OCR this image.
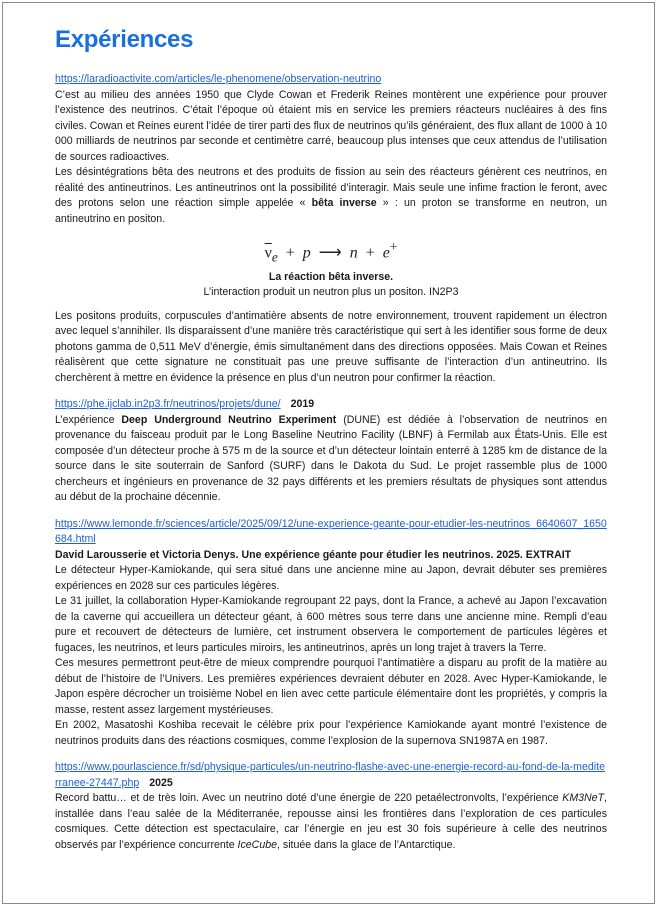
Expériences
https://laradioactivite.com/articles/le-phenomene/observation-neutrino

C’est au milieu des années 1950 que Clyde Cowan et Frederik Reines montèrent une expérience pour prouver l’existence des neutrinos. C’était l’époque où étaient mis en service les premiers réacteurs nucléaires à des fins civiles. Cowan et Reines eurent l’idée de tirer parti des flux de neutrinos qu’ils généraient, des flux allant de 1000 à 10 000 milliards de neutrinos par seconde et centimètre carré, beaucoup plus intenses que ceux attendus de l’utilisation de sources radioactives.

Les désintégrations bêta des neutrons et des produits de fission au sein des réacteurs génèrent ces neutrinos, en réalité des antineutrinos. Les antineutrinos ont la possibilité d’interagir. Mais seule une infime fraction le feront, avec des protons selon une réaction simple appelée « bêta inverse » : un proton se transforme en neutron, un antineutrino en positon.

$\overline{\nu}_e + p$ ⟶ n + e+
La réaction bêta inverse.
L’interaction produit un neutron plus un positon. IN2P3

Les positons produits, corpuscules d’antimatière absents de notre environnement, trouvent rapidement un électron avec lequel s’annihiler. Ils disparaissent d’une manière très caractéristique qui sert à les identifier sous forme de deux photons gamma de 0,511 MeV d’énergie, émis simultanément dans des directions opposées. Mais Cowan et Reines réalisèrent que cette signature ne constituait pas une preuve suffisante de l’interaction d’un antineutrino. Ils cherchèrent à mettre en évidence la présence en plus d’un neutron pour confirmer la réaction.

https://phe.ijclab.in2p3.fr/neutrinos/projets/dune/ 2019

L’expérience Deep Underground Neutrino Experiment (DUNE) est dédiée à l’observation de neutrinos en provenance du faisceau produit par le Long Baseline Neutrino Facility (LBNF) à Fermilab aux États-Unis. Elle est composée d’un détecteur proche à 575 m de la source et d’un détecteur lointain enterré à 1285 km de distance de la source dans le site souterrain de Sanford (SURF) dans le Dakota du Sud. Le projet rassemble plus de 1000 chercheurs et ingénieurs en provenance de 32 pays différents et les premiers résultats de physiques sont attendus au début de la prochaine décennie.

https://www.lemonde.fr/sciences/article/2025/09/12/une-experience-geante-pour-etudier-les-neutrinos_6640607_1650684.html

David Larousserie et Victoria Denys. Une expérience géante pour étudier les neutrinos. 2025. EXTRAIT

Le détecteur Hyper-Kamiokande, qui sera situé dans une ancienne mine au Japon, devrait débuter ses premières expériences en 2028 sur ces particules légères.

Le 31 juillet, la collaboration Hyper-Kamiokande regroupant 22 pays, dont la France, a achevé au Japon l’excavation de la caverne qui accueillera un détecteur géant, à 600 mètres sous terre dans une ancienne mine. Rempli d’eau pure et recouvert de détecteurs de lumière, cet instrument observera le comportement de particules légères et fugaces, les neutrinos, et leurs particules miroirs, les antineutrinos, après un long trajet à travers la Terre.

Ces mesures permettront peut-être de mieux comprendre pourquoi l’antimatière a disparu au profit de la matière au début de l’histoire de l’Univers. Les premières expériences devraient débuter en 2028. Avec Hyper-Kamiokande, le Japon espère décrocher un troisième Nobel en lien avec cette particule élémentaire dont les propriétés, y compris la masse, restent assez largement mystérieuses.

En 2002, Masatoshi Koshiba recevait le célèbre prix pour l’expérience Kamiokande ayant montré l’existence de neutrinos produits dans des réactions cosmiques, comme l’explosion de la supernova SN1987A en 1987.

https://www.pourlascience.fr/sd/physique-particules/un-neutrino-flashe-avec-une-energie-record-au-fond-de-la-mediterranee-27447.php 2025

Record battu… et de très loin. Avec un neutrino doté d’une énergie de 220 petaélectronvolts, l’expérience KM3NeT, installée dans l’eau salée de la Méditerranée, repousse ainsi les frontières dans l’exploration de ces particules cosmiques. Cette détection est spectaculaire, car l’énergie en jeu est 30 fois supérieure à celle des neutrinos observés par l’expérience concurrente IceCube, située dans la glace de l’Antarctique.
